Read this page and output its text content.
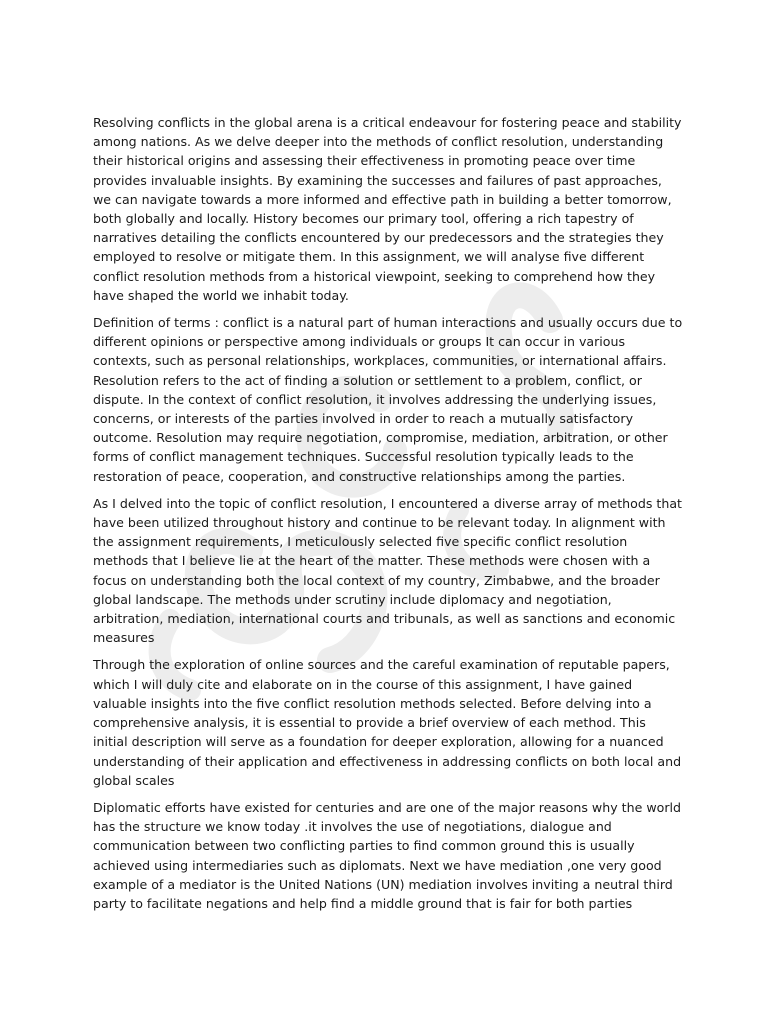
Resolving conflicts in the global arena is a critical endeavour for fostering peace and stability among nations. As we delve deeper into the methods of conflict resolution, understanding their historical origins and assessing their effectiveness in promoting peace over time provides invaluable insights. By examining the successes and failures of past approaches, we can navigate towards a more informed and effective path in building a better tomorrow, both globally and locally. History becomes our primary tool, offering a rich tapestry of narratives detailing the conflicts encountered by our predecessors and the strategies they employed to resolve or mitigate them. In this assignment, we will analyse five different conflict resolution methods from a historical viewpoint, seeking to comprehend how they have shaped the world we inhabit today.

Definition of terms : conflict is a natural part of human interactions and usually occurs due to different opinions or perspective among individuals or groups It can occur in various contexts, such as personal relationships, workplaces, communities, or international affairs. Resolution refers to the act of finding a solution or settlement to a problem, conflict, or dispute. In the context of conflict resolution, it involves addressing the underlying issues, concerns, or interests of the parties involved in order to reach a mutually satisfactory outcome. Resolution may require negotiation, compromise, mediation, arbitration, or other forms of conflict management techniques. Successful resolution typically leads to the restoration of peace, cooperation, and constructive relationships among the parties.

As I delved into the topic of conflict resolution, I encountered a diverse array of methods that have been utilized throughout history and continue to be relevant today. In alignment with the assignment requirements, I meticulously selected five specific conflict resolution methods that I believe lie at the heart of the matter. These methods were chosen with a focus on understanding both the local context of my country, Zimbabwe, and the broader global landscape. The methods under scrutiny include diplomacy and negotiation, arbitration, mediation, international courts and tribunals, as well as sanctions and economic measures

Through the exploration of online sources and the careful examination of reputable papers, which I will duly cite and elaborate on in the course of this assignment, I have gained valuable insights into the five conflict resolution methods selected. Before delving into a comprehensive analysis, it is essential to provide a brief overview of each method. This initial description will serve as a foundation for deeper exploration, allowing for a nuanced understanding of their application and effectiveness in addressing conflicts on both local and global scales

Diplomatic efforts have existed for centuries and are one of the major reasons why the world has the structure we know today .it involves the use of negotiations, dialogue and communication between two conflicting parties to find common ground this is usually achieved using intermediaries such as diplomats. Next we have mediation ,one very good example of a mediator is the United Nations (UN) mediation involves inviting a neutral third party to facilitate negations and help find a middle ground that is fair for both parties
